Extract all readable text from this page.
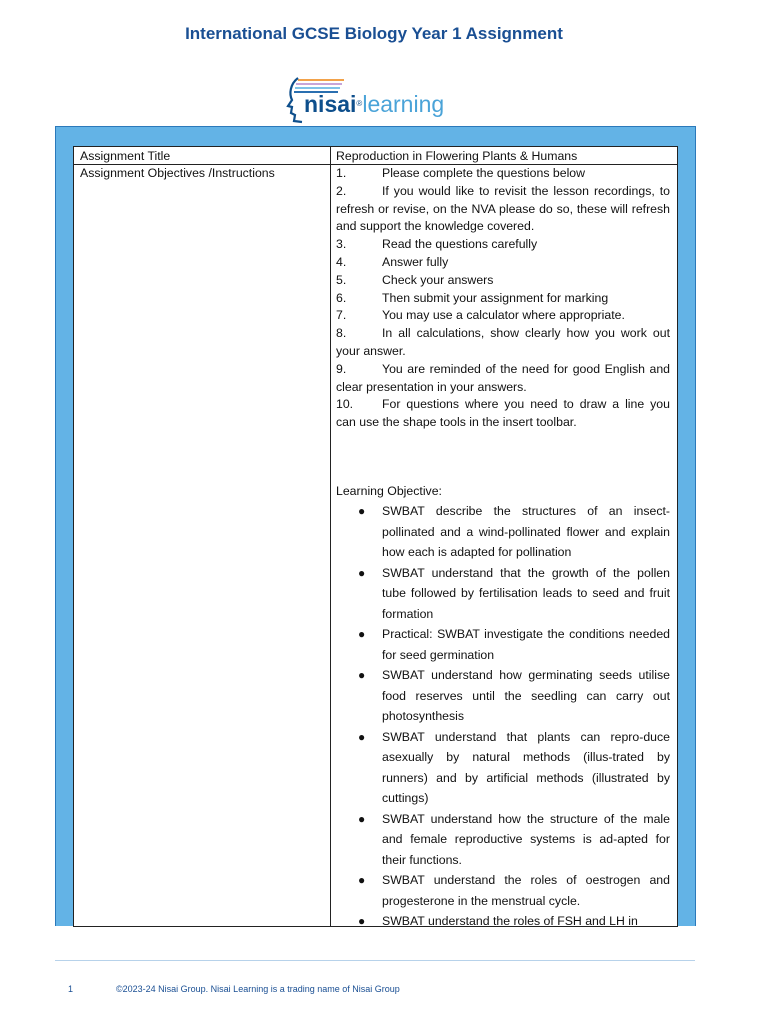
International GCSE Biology Year 1 Assignment
nisai®learning
Assignment Title	Reproduction in Flowering Plants & Humans
Assignment Objectives /Instructions	1.	Please complete the questions below
2.	If you would like to revisit the lesson recordings, to refresh or revise, on the NVA please do so, these will refresh and support the knowledge covered.
3.	Read the questions carefully
4.	Answer fully
5.	Check your answers
6.	Then submit your assignment for marking
7.	You may use a calculator where appropriate.
8.	In all calculations, show clearly how you work out your answer.
9.	You are reminded of the need for good English and clear presentation in your answers.
10. For questions where you need to draw a line you can use the shape tools in the insert toolbar.
Learning Objective:
● SWBAT describe the structures of an insect-pollinated and a wind-pollinated flower and explain how each is adapted for pollination
● SWBAT understand that the growth of the pollen tube followed by fertilisation leads to seed and fruit formation
● Practical: SWBAT investigate the conditions needed for seed germination
● SWBAT understand how germinating seeds utilise food reserves until the seedling can carry out photosynthesis
● SWBAT understand that plants can repro-duce asexually by natural methods (illus-trated by runners) and by artificial methods (illustrated by cuttings)
● SWBAT understand how the structure of the male and female reproductive systems is ad-apted for their functions.
● SWBAT understand the roles of oestrogen and progesterone in the menstrual cycle.
● SWBAT understand the roles of FSH and LH in
1	©2023-24 Nisai Group. Nisai Learning is a trading name of Nisai Group
